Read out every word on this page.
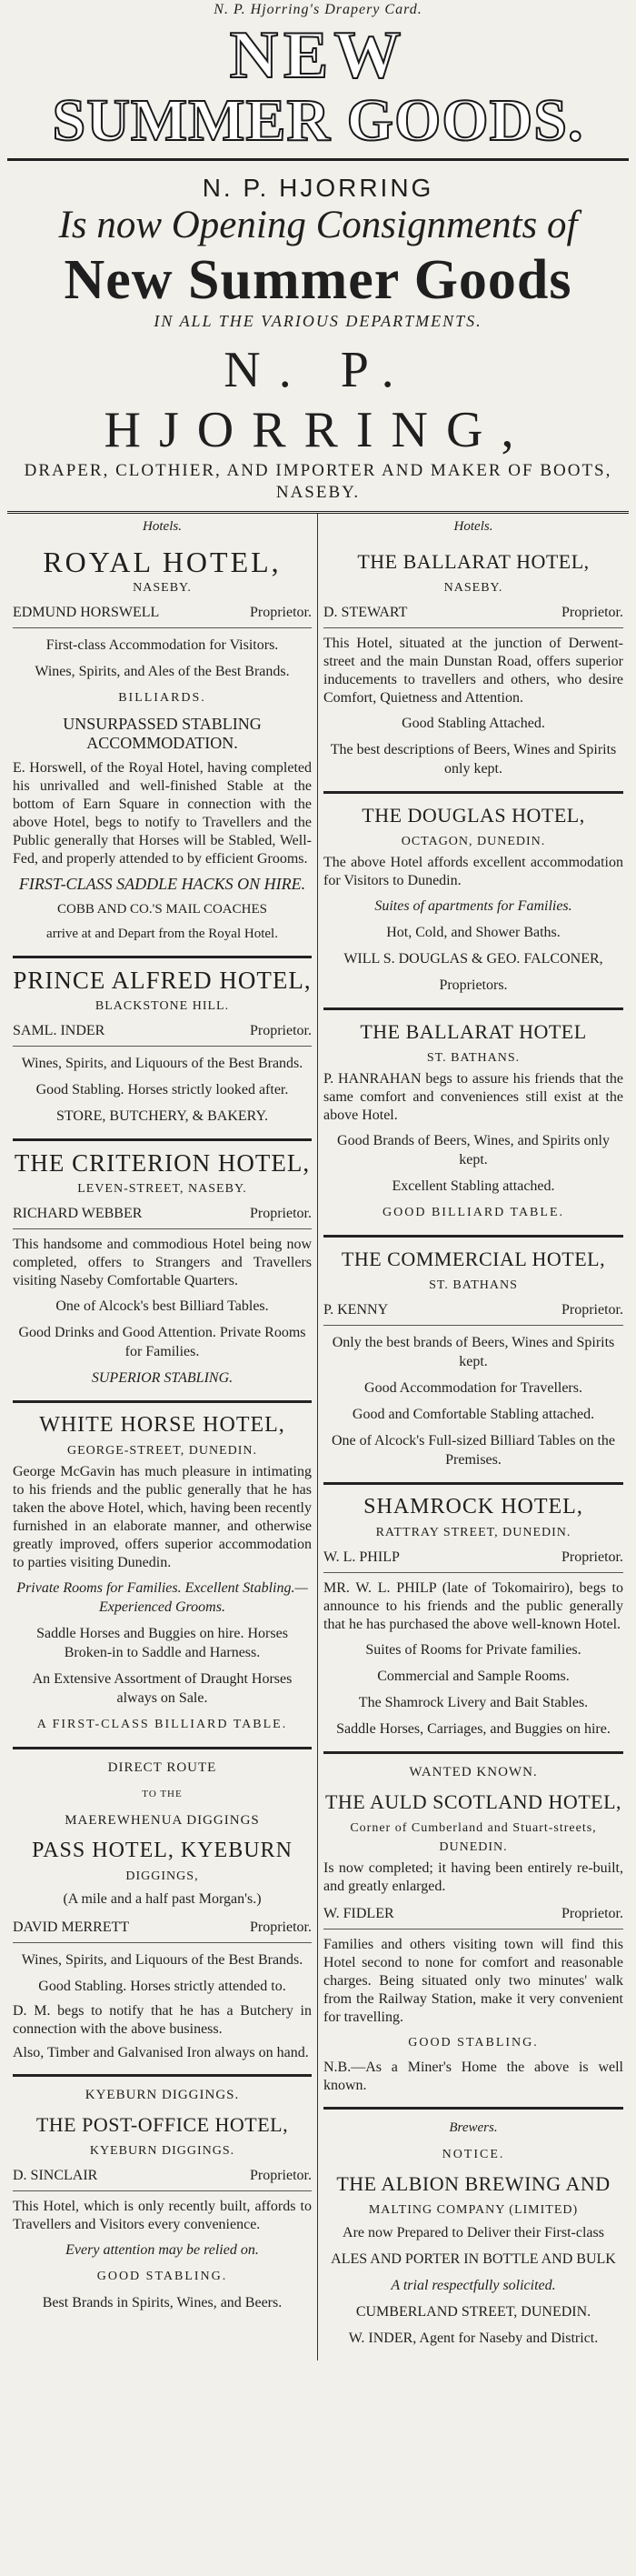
N. P. Hjorring's Drapery Card.
NEW
SUMMER GOODS.
N. P. HJORRING
Is now Opening Consignments of
New Summer Goods
IN ALL THE VARIOUS DEPARTMENTS.
N. P. HJORRING,
DRAPER, CLOTHIER, AND IMPORTER AND MAKER OF BOOTS,
NASEBY.
Hotels.
ROYAL HOTEL,
NASEBY.
EDMUND HORSWELL	Proprietor.
First-class Accommodation for Visitors.
Wines, Spirits, and Ales of the Best Brands.
BILLIARDS.
UNSURPASSED STABLING ACCOMMODATION.
E. Horswell, of the Royal Hotel, having completed his unrivalled and well-finished Stable at the bottom of Earn Square in connection with the above Hotel, begs to notify to Travellers and the Public generally that Horses will be Stabled, Well-Fed, and properly attended to by efficient Grooms.
FIRST-CLASS SADDLE HACKS ON HIRE.
COBB AND CO.'S MAIL COACHES
arrive at and Depart from the Royal Hotel.
PRINCE ALFRED HOTEL,
BLACKSTONE HILL.
SAML. INDER	Proprietor.
Wines, Spirits, and Liquours of the Best Brands.
Good Stabling. Horses strictly looked after.
STORE, BUTCHERY, & BAKERY.
THE CRITERION HOTEL,
LEVEN-STREET, NASEBY.
RICHARD WEBBER	Proprietor.
This handsome and commodious Hotel being now completed, offers to Strangers and Travellers visiting Naseby Comfortable Quarters.
One of Alcock's best Billiard Tables.
Good Drinks and Good Attention. Private Rooms for Families.
SUPERIOR STABLING.
WHITE HORSE HOTEL,
GEORGE-STREET, DUNEDIN.
George McGavin has much pleasure in intimating to his friends and the public generally that he has taken the above Hotel, which, having been recently furnished in an elaborate manner, and otherwise greatly improved, offers superior accommodation to parties visiting Dunedin.
Private Rooms for Families. Excellent Stabling.—Experienced Grooms.
Saddle Horses and Buggies on hire. Horses Broken-in to Saddle and Harness.
An Extensive Assortment of Draught Horses always on Sale.
A FIRST-CLASS BILLIARD TABLE.
DIRECT ROUTE
TO THE
MAEREWHENUA DIGGINGS
PASS HOTEL, KYEBURN
DIGGINGS,
(A mile and a half past Morgan's.)
DAVID MERRETT	Proprietor.
Wines, Spirits, and Liquours of the Best Brands.
Good Stabling. Horses strictly attended to.
D. M. begs to notify that he has a Butchery in connection with the above business.
Also, Timber and Galvanised Iron always on hand.
KYEBURN DIGGINGS.
THE POST-OFFICE HOTEL,
KYEBURN DIGGINGS.
D. SINCLAIR	Proprietor.
This Hotel, which is only recently built, affords to Travellers and Visitors every convenience.
Every attention may be relied on.
GOOD STABLING.
Best Brands in Spirits, Wines, and Beers.
Hotels.
THE BALLARAT HOTEL,
NASEBY.
D. STEWART	Proprietor.
This Hotel, situated at the junction of Derwent-street and the main Dunstan Road, offers superior inducements to travellers and others, who desire Comfort, Quietness and Attention.
Good Stabling Attached.
The best descriptions of Beers, Wines and Spirits only kept.
THE DOUGLAS HOTEL,
OCTAGON, DUNEDIN.
The above Hotel affords excellent accommodation for Visitors to Dunedin.
Suites of apartments for Families.
Hot, Cold, and Shower Baths.
WILL S. DOUGLAS & GEO. FALCONER,
Proprietors.
THE BALLARAT HOTEL
ST. BATHANS.
P. HANRAHAN begs to assure his friends that the same comfort and conveniences still exist at the above Hotel.
Good Brands of Beers, Wines, and Spirits only kept.
Excellent Stabling attached.
GOOD BILLIARD TABLE.
THE COMMERCIAL HOTEL,
ST. BATHANS
P. KENNY	Proprietor.
Only the best brands of Beers, Wines and Spirits kept.
Good Accommodation for Travellers.
Good and Comfortable Stabling attached.
One of Alcock's Full-sized Billiard Tables on the Premises.
SHAMROCK HOTEL,
RATTRAY STREET, DUNEDIN.
W. L. PHILP	Proprietor.
MR. W. L. PHILP (late of Tokomairiro), begs to announce to his friends and the public generally that he has purchased the above well-known Hotel.
Suites of Rooms for Private families.
Commercial and Sample Rooms.
The Shamrock Livery and Bait Stables.
Saddle Horses, Carriages, and Buggies on hire.
WANTED KNOWN.
THE AULD SCOTLAND HOTEL,
Corner of Cumberland and Stuart-streets, DUNEDIN.
Is now completed; it having been entirely re-built, and greatly enlarged.
W. FIDLER	Proprietor.
Families and others visiting town will find this Hotel second to none for comfort and reasonable charges. Being situated only two minutes' walk from the Railway Station, make it very convenient for travelling.
GOOD STABLING.
N.B.—As a Miner's Home the above is well known.
Brewers.
NOTICE.
THE ALBION BREWING AND
MALTING COMPANY (LIMITED)
Are now Prepared to Deliver their First-class
ALES AND PORTER IN BOTTLE AND BULK
A trial respectfully solicited.
CUMBERLAND STREET, DUNEDIN.
W. INDER, Agent for Naseby and District.
